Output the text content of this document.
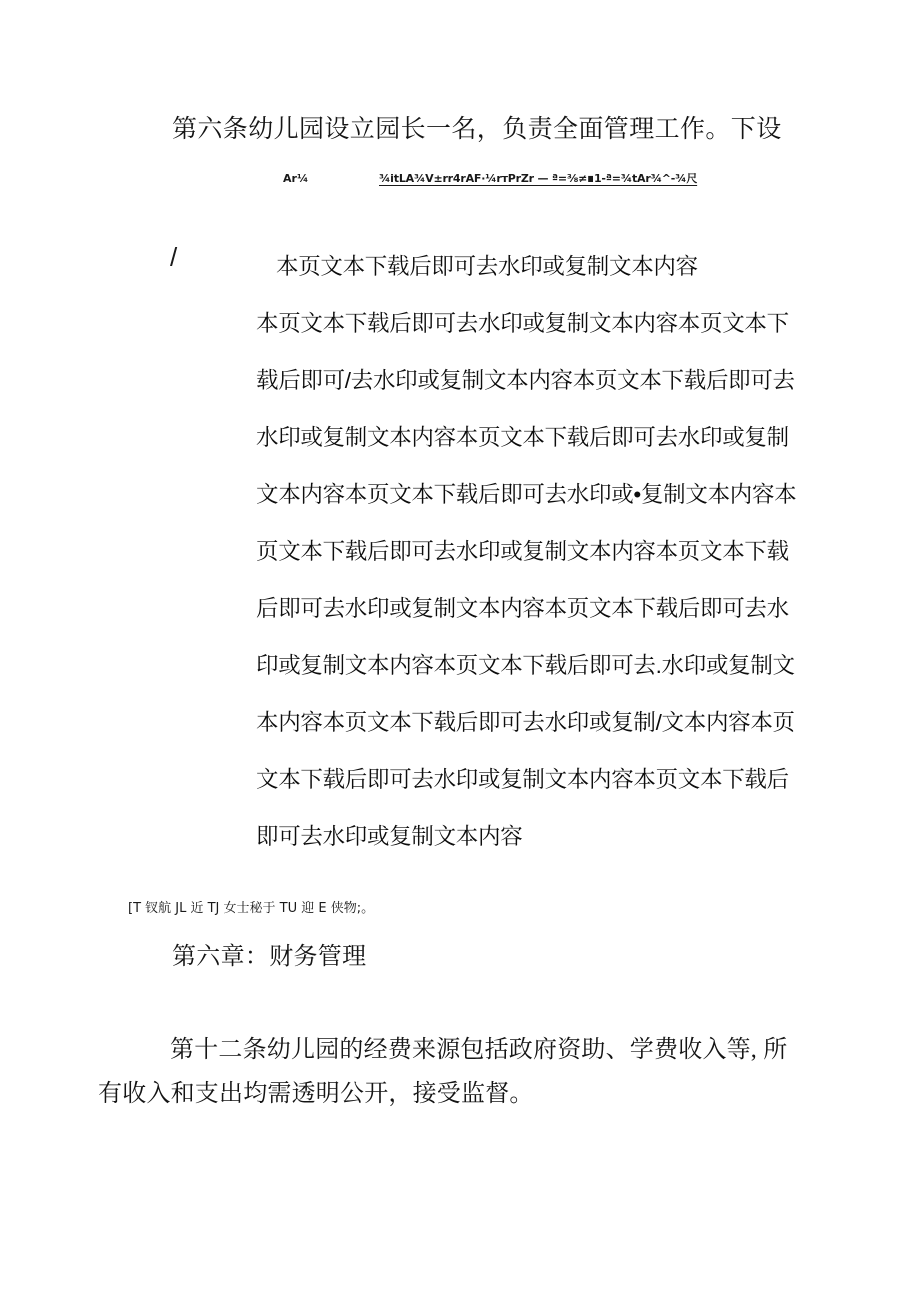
第六条幼儿园设立园长一名，负责全面管理工作。下设
Ar¼	¾itLA¾V±rr4rAF·¼rтPrZr — ª=⅜≠∎1-ª=¾tAr¾^-¾尺
/	本页文本下载后即可去水印或复制文本内容
本页文本下载后即可去水印或复制文本内容本页文本下
载后即可/去水印或复制文本内容本页文本下载后即可去
水印或复制文本内容本页文本下载后即可去水印或复制
文本内容本页文本下载后即可去水印或•复制文本内容本
页文本下载后即可去水印或复制文本内容本页文本下载
后即可去水印或复制文本内容本页文本下载后即可去水
印或复制文本内容本页文本下载后即可去.水印或复制文
本内容本页文本下载后即可去水印或复制/文本内容本页
文本下载后即可去水印或复制文本内容本页文本下载后
即可去水印或复制文本内容
[T 钗航 JL 近 TJ 女士秘于 TU 迎 E 侠物;。
第六章：财务管理
第十二条幼儿园的经费来源包括政府资助、学费收入等, 所
有收入和支出均需透明公开，接受监督。
